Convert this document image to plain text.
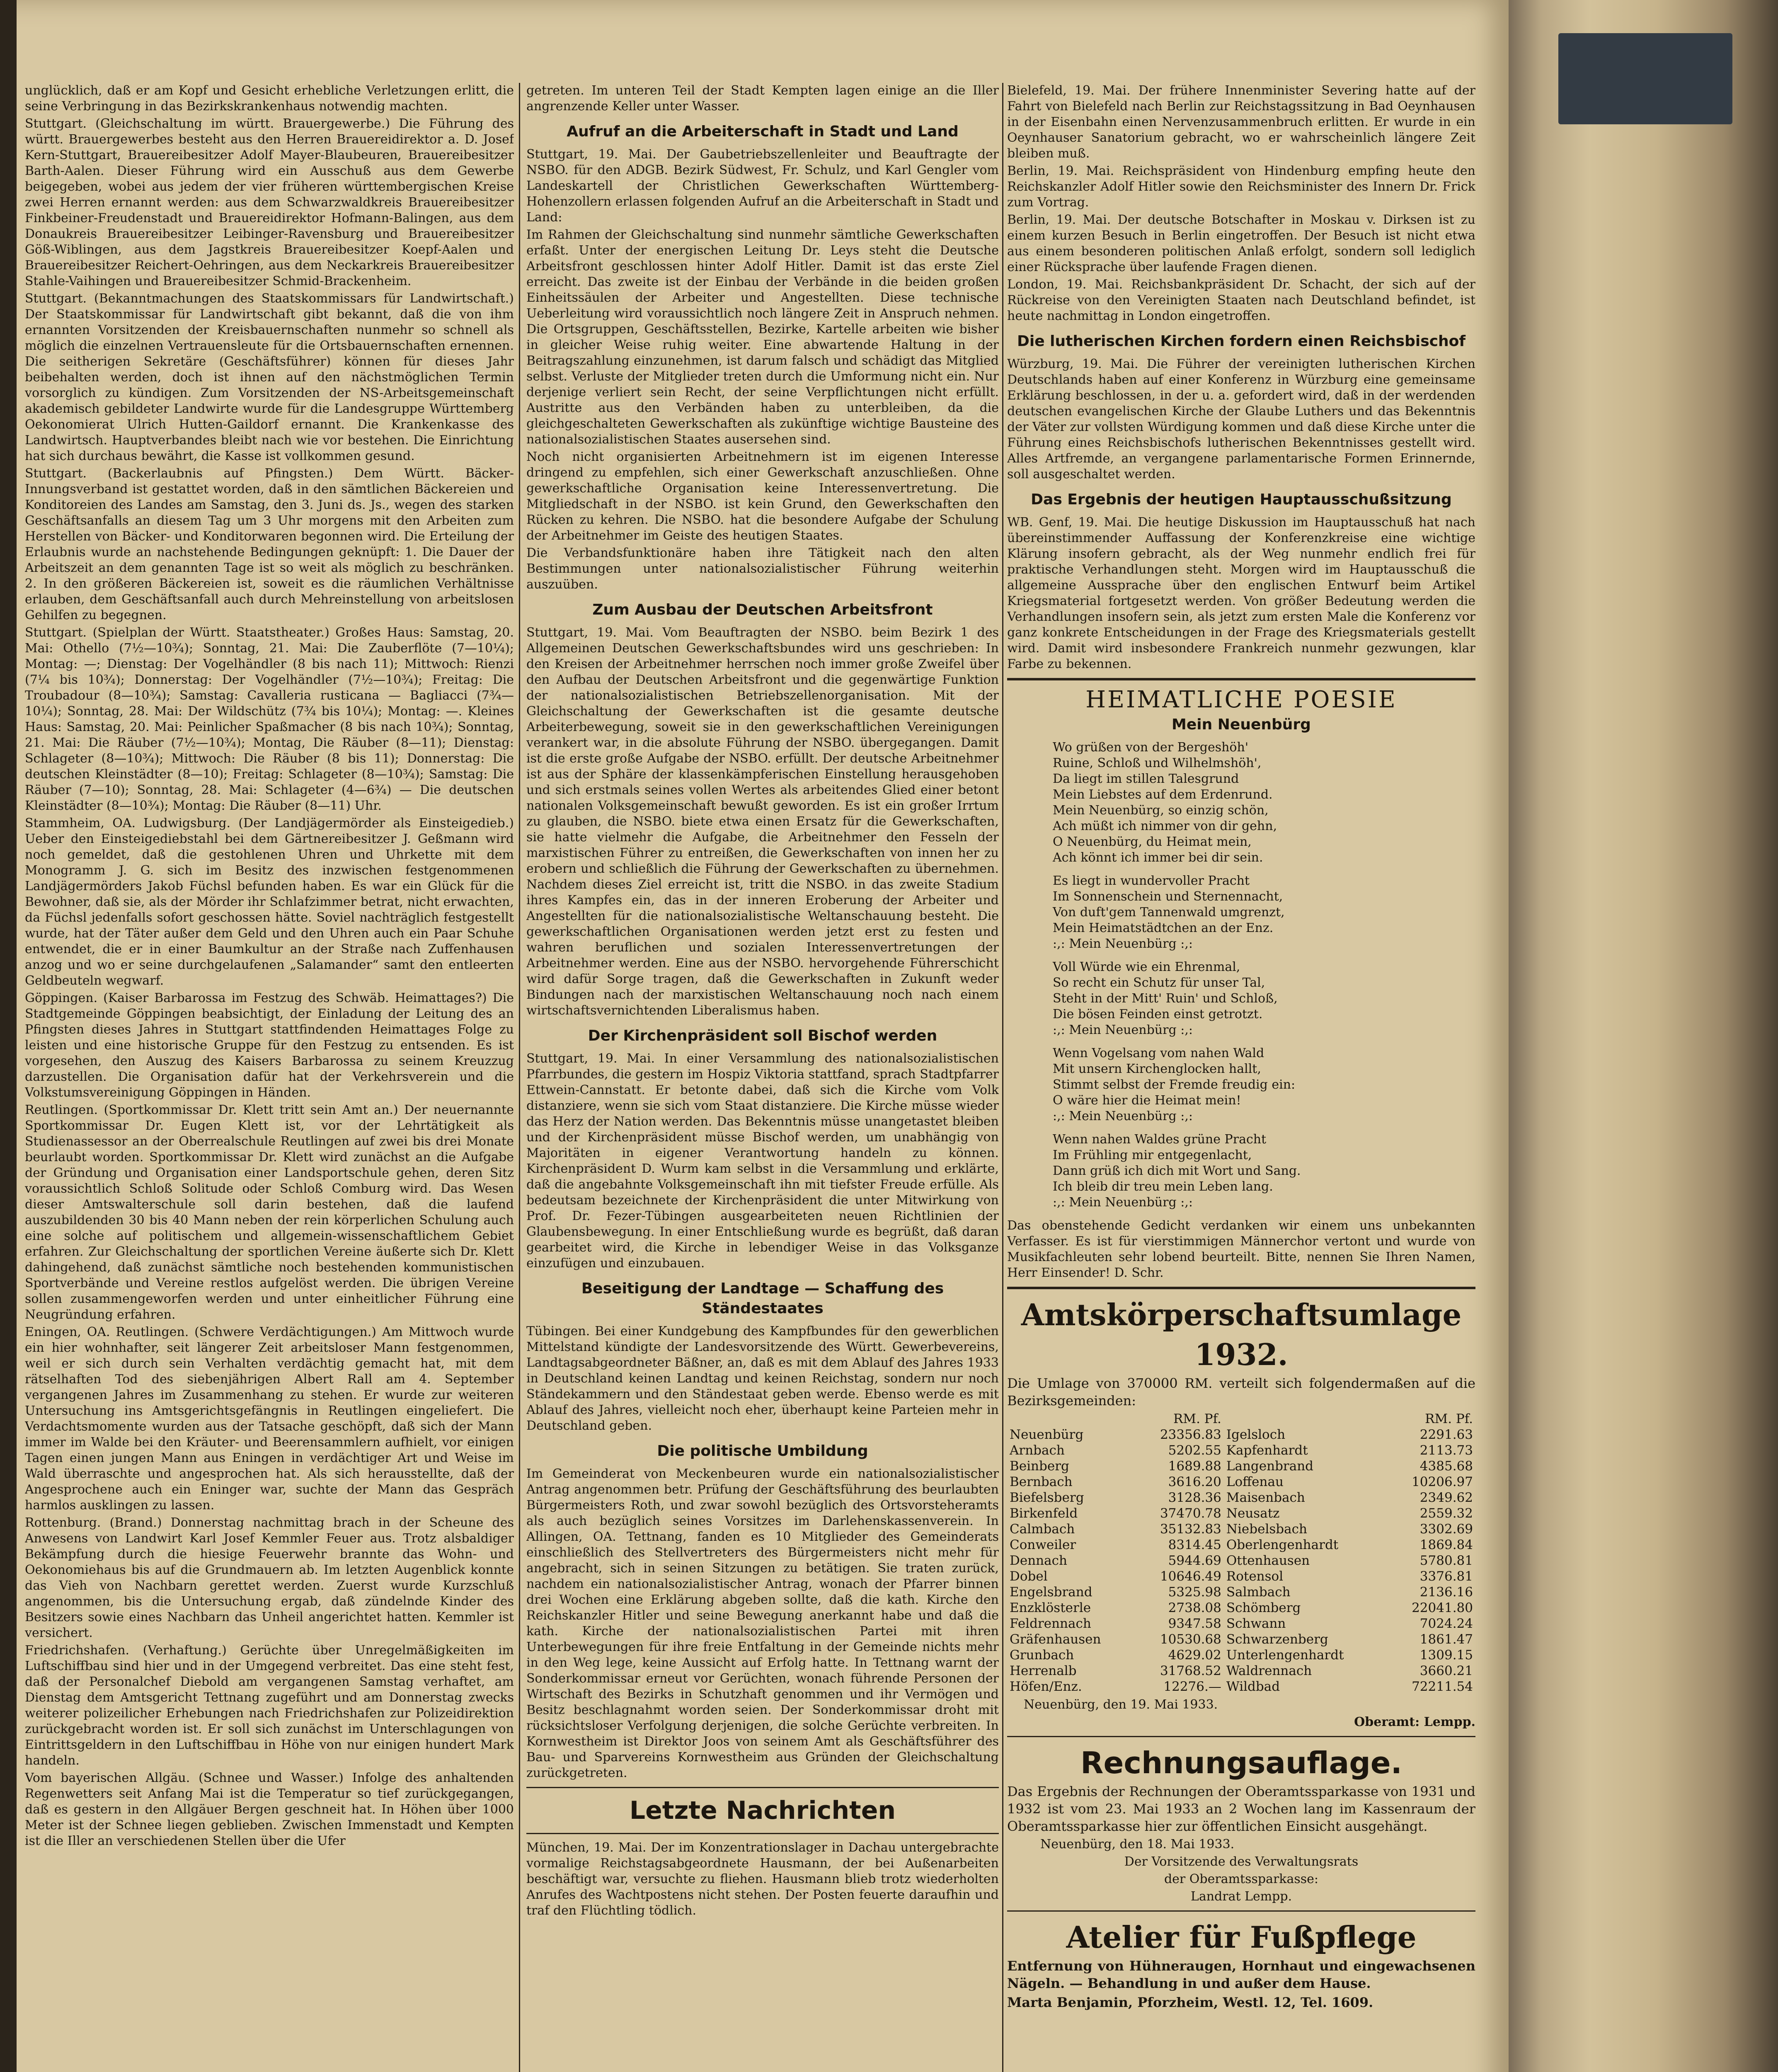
unglücklich, daß er am Kopf und Gesicht erhebliche Verletzungen erlitt, die seine Verbringung in das Bezirkskrankenhaus notwendig machten.

Stuttgart. (Gleichschaltung im württ. Brauergewerbe.) Die Führung des württ. Brauergewerbes besteht aus den Herren Brauereidirektor a. D. Josef Kern-Stuttgart, Brauereibesitzer Adolf Mayer-Blaubeuren, Brauereibesitzer Barth-Aalen. Dieser Führung wird ein Ausschuß aus dem Gewerbe beigegeben, wobei aus jedem der vier früheren württembergischen Kreise zwei Herren ernannt werden: aus dem Schwarzwaldkreis Brauereibesitzer Finkbeiner-Freudenstadt und Brauereidirektor Hofmann-Balingen, aus dem Donaukreis Brauereibesitzer Leibinger-Ravensburg und Brauereibesitzer Göß-Wiblingen, aus dem Jagstkreis Brauereibesitzer Koepf-Aalen und Brauereibesitzer Reichert-Oehringen, aus dem Neckarkreis Brauereibesitzer Stahle-Vaihingen und Brauereibesitzer Schmid-Brackenheim.

Stuttgart. (Bekanntmachungen des Staatskommissars für Landwirtschaft.) Der Staatskommissar für Landwirtschaft gibt bekannt, daß die von ihm ernannten Vorsitzenden der Kreisbauernschaften nunmehr so schnell als möglich die einzelnen Vertrauensleute für die Ortsbauernschaften ernennen. Die seitherigen Sekretäre (Geschäftsführer) können für dieses Jahr beibehalten werden, doch ist ihnen auf den nächstmöglichen Termin vorsorglich zu kündigen. Zum Vorsitzenden der NS-Arbeitsgemeinschaft akademisch gebildeter Landwirte wurde für die Landesgruppe Württemberg Oekonomierat Ulrich Hutten-Gaildorf ernannt. Die Krankenkasse des Landwirtsch. Hauptverbandes bleibt nach wie vor bestehen. Die Einrichtung hat sich durchaus bewährt, die Kasse ist vollkommen gesund.

Stuttgart. (Backerlaubnis auf Pfingsten.) Dem Württ. Bäcker-Innungsverband ist gestattet worden, daß in den sämtlichen Bäckereien und Konditoreien des Landes am Samstag, den 3. Juni ds. Js., wegen des starken Geschäftsanfalls an diesem Tag um 3 Uhr morgens mit den Arbeiten zum Herstellen von Bäcker- und Konditorwaren begonnen wird. Die Erteilung der Erlaubnis wurde an nachstehende Bedingungen geknüpft: 1. Die Dauer der Arbeitszeit an dem genannten Tage ist so weit als möglich zu beschränken. 2. In den größeren Bäckereien ist, soweit es die räumlichen Verhältnisse erlauben, dem Geschäftsanfall auch durch Mehreinstellung von arbeitslosen Gehilfen zu begegnen.

Stuttgart. (Spielplan der Württ. Staatstheater.) Großes Haus: Samstag, 20. Mai: Othello (7½—10¾); Sonntag, 21. Mai: Die Zauberflöte (7—10¼); Montag: —; Dienstag: Der Vogelhändler (8 bis nach 11); Mittwoch: Rienzi (7¼ bis 10¾); Donnerstag: Der Vogelhändler (7½—10¾); Freitag: Die Troubadour (8—10¾); Samstag: Cavalleria rusticana — Bagliacci (7¾—10¼); Sonntag, 28. Mai: Der Wildschütz (7¾ bis 10¼); Montag: —. Kleines Haus: Samstag, 20. Mai: Peinlicher Spaßmacher (8 bis nach 10¾); Sonntag, 21. Mai: Die Räuber (7½—10¾); Montag, Die Räuber (8—11); Dienstag: Schlageter (8—10¾); Mittwoch: Die Räuber (8 bis 11); Donnerstag: Die deutschen Kleinstädter (8—10); Freitag: Schlageter (8—10¾); Samstag: Die Räuber (7—10); Sonntag, 28. Mai: Schlageter (4—6¾) — Die deutschen Kleinstädter (8—10¾); Montag: Die Räuber (8—11) Uhr.

Stammheim, OA. Ludwigsburg. (Der Landjägermörder als Einsteigedieb.) Ueber den Einsteigediebstahl bei dem Gärtnereibesitzer J. Geßmann wird noch gemeldet, daß die gestohlenen Uhren und Uhrkette mit dem Monogramm J. G. sich im Besitz des inzwischen festgenommenen Landjägermörders Jakob Füchsl befunden haben. Es war ein Glück für die Bewohner, daß sie, als der Mörder ihr Schlafzimmer betrat, nicht erwachten, da Füchsl jedenfalls sofort geschossen hätte. Soviel nachträglich festgestellt wurde, hat der Täter außer dem Geld und den Uhren auch ein Paar Schuhe entwendet, die er in einer Baumkultur an der Straße nach Zuffenhausen anzog und wo er seine durchgelaufenen „Salamander“ samt den entleerten Geldbeuteln wegwarf.

Göppingen. (Kaiser Barbarossa im Festzug des Schwäb. Heimattages?) Die Stadtgemeinde Göppingen beabsichtigt, der Einladung der Leitung des an Pfingsten dieses Jahres in Stuttgart stattfindenden Heimattages Folge zu leisten und eine historische Gruppe für den Festzug zu entsenden. Es ist vorgesehen, den Auszug des Kaisers Barbarossa zu seinem Kreuzzug darzustellen. Die Organisation dafür hat der Verkehrsverein und die Volkstumsvereinigung Göppingen in Händen.

Reutlingen. (Sportkommissar Dr. Klett tritt sein Amt an.) Der neuernannte Sportkommissar Dr. Eugen Klett ist, vor der Lehrtätigkeit als Studienassessor an der Oberrealschule Reutlingen auf zwei bis drei Monate beurlaubt worden. Sportkommissar Dr. Klett wird zunächst an die Aufgabe der Gründung und Organisation einer Landsportschule gehen, deren Sitz voraussichtlich Schloß Solitude oder Schloß Comburg wird. Das Wesen dieser Amtswalterschule soll darin bestehen, daß die laufend auszubildenden 30 bis 40 Mann neben der rein körperlichen Schulung auch eine solche auf politischem und allgemein-wissenschaftlichem Gebiet erfahren. Zur Gleichschaltung der sportlichen Vereine äußerte sich Dr. Klett dahingehend, daß zunächst sämtliche noch bestehenden kommunistischen Sportverbände und Vereine restlos aufgelöst werden. Die übrigen Vereine sollen zusammengeworfen werden und unter einheitlicher Führung eine Neugründung erfahren.

Eningen, OA. Reutlingen. (Schwere Verdächtigungen.) Am Mittwoch wurde ein hier wohnhafter, seit längerer Zeit arbeitsloser Mann festgenommen, weil er sich durch sein Verhalten verdächtig gemacht hat, mit dem rätselhaften Tod des siebenjährigen Albert Rall am 4. September vergangenen Jahres im Zusammenhang zu stehen. Er wurde zur weiteren Untersuchung ins Amtsgerichtsgefängnis in Reutlingen eingeliefert. Die Verdachtsmomente wurden aus der Tatsache geschöpft, daß sich der Mann immer im Walde bei den Kräuter- und Beerensammlern aufhielt, vor einigen Tagen einen jungen Mann aus Eningen in verdächtiger Art und Weise im Wald überraschte und angesprochen hat. Als sich herausstellte, daß der Angesprochene auch ein Eninger war, suchte der Mann das Gespräch harmlos ausklingen zu lassen.

Rottenburg. (Brand.) Donnerstag nachmittag brach in der Scheune des Anwesens von Landwirt Karl Josef Kemmler Feuer aus. Trotz alsbaldiger Bekämpfung durch die hiesige Feuerwehr brannte das Wohn- und Oekonomiehaus bis auf die Grundmauern ab. Im letzten Augenblick konnte das Vieh von Nachbarn gerettet werden. Zuerst wurde Kurzschluß angenommen, bis die Untersuchung ergab, daß zündelnde Kinder des Besitzers sowie eines Nachbarn das Unheil angerichtet hatten. Kemmler ist versichert.

Friedrichshafen. (Verhaftung.) Gerüchte über Unregelmäßigkeiten im Luftschiffbau sind hier und in der Umgegend verbreitet. Das eine steht fest, daß der Personalchef Diebold am vergangenen Samstag verhaftet, am Dienstag dem Amtsgericht Tettnang zugeführt und am Donnerstag zwecks weiterer polizeilicher Erhebungen nach Friedrichshafen zur Polizeidirektion zurückgebracht worden ist. Er soll sich zunächst im Unterschlagungen von Eintrittsgeldern in den Luftschiffbau in Höhe von nur einigen hundert Mark handeln.

Vom bayerischen Allgäu. (Schnee und Wasser.) Infolge des anhaltenden Regenwetters seit Anfang Mai ist die Temperatur so tief zurückgegangen, daß es gestern in den Allgäuer Bergen geschneit hat. In Höhen über 1000 Meter ist der Schnee liegen geblieben. Zwischen Immenstadt und Kempten ist die Iller an verschiedenen Stellen über die Ufer

getreten. Im unteren Teil der Stadt Kempten lagen einige an die Iller angrenzende Keller unter Wasser.

Aufruf an die Arbeiterschaft in Stadt und Land

Stuttgart, 19. Mai. Der Gaubetriebszellenleiter und Beauftragte der NSBO. für den ADGB. Bezirk Südwest, Fr. Schulz, und Karl Gengler vom Landeskartell der Christlichen Gewerkschaften Württemberg-Hohenzollern erlassen folgenden Aufruf an die Arbeiterschaft in Stadt und Land:

Im Rahmen der Gleichschaltung sind nunmehr sämtliche Gewerkschaften erfaßt. Unter der energischen Leitung Dr. Leys steht die Deutsche Arbeitsfront geschlossen hinter Adolf Hitler. Damit ist das erste Ziel erreicht. Das zweite ist der Einbau der Verbände in die beiden großen Einheitssäulen der Arbeiter und Angestellten. Diese technische Ueberleitung wird voraussichtlich noch längere Zeit in Anspruch nehmen. Die Ortsgruppen, Geschäftsstellen, Bezirke, Kartelle arbeiten wie bisher in gleicher Weise ruhig weiter. Eine abwartende Haltung in der Beitragszahlung einzunehmen, ist darum falsch und schädigt das Mitglied selbst. Verluste der Mitglieder treten durch die Umformung nicht ein. Nur derjenige verliert sein Recht, der seine Verpflichtungen nicht erfüllt. Austritte aus den Verbänden haben zu unterbleiben, da die gleichgeschalteten Gewerkschaften als zukünftige wichtige Bausteine des nationalsozialistischen Staates ausersehen sind.

Noch nicht organisierten Arbeitnehmern ist im eigenen Interesse dringend zu empfehlen, sich einer Gewerkschaft anzuschließen. Ohne gewerkschaftliche Organisation keine Interessenvertretung. Die Mitgliedschaft in der NSBO. ist kein Grund, den Gewerkschaften den Rücken zu kehren. Die NSBO. hat die besondere Aufgabe der Schulung der Arbeitnehmer im Geiste des heutigen Staates.

Die Verbandsfunktionäre haben ihre Tätigkeit nach den alten Bestimmungen unter nationalsozialistischer Führung weiterhin auszuüben.

Zum Ausbau der Deutschen Arbeitsfront

Stuttgart, 19. Mai. Vom Beauftragten der NSBO. beim Bezirk 1 des Allgemeinen Deutschen Gewerkschaftsbundes wird uns geschrieben: In den Kreisen der Arbeitnehmer herrschen noch immer große Zweifel über den Aufbau der Deutschen Arbeitsfront und die gegenwärtige Funktion der nationalsozialistischen Betriebszellenorganisation. Mit der Gleichschaltung der Gewerkschaften ist die gesamte deutsche Arbeiterbewegung, soweit sie in den gewerkschaftlichen Vereinigungen verankert war, in die absolute Führung der NSBO. übergegangen. Damit ist die erste große Aufgabe der NSBO. erfüllt. Der deutsche Arbeitnehmer ist aus der Sphäre der klassenkämpferischen Einstellung herausgehoben und sich erstmals seines vollen Wertes als arbeitendes Glied einer betont nationalen Volksgemeinschaft bewußt geworden. Es ist ein großer Irrtum zu glauben, die NSBO. biete etwa einen Ersatz für die Gewerkschaften, sie hatte vielmehr die Aufgabe, die Arbeitnehmer den Fesseln der marxistischen Führer zu entreißen, die Gewerkschaften von innen her zu erobern und schließlich die Führung der Gewerkschaften zu übernehmen. Nachdem dieses Ziel erreicht ist, tritt die NSBO. in das zweite Stadium ihres Kampfes ein, das in der inneren Eroberung der Arbeiter und Angestellten für die nationalsozialistische Weltanschauung besteht. Die gewerkschaftlichen Organisationen werden jetzt erst zu festen und wahren beruflichen und sozialen Interessenvertretungen der Arbeitnehmer werden. Eine aus der NSBO. hervorgehende Führerschicht wird dafür Sorge tragen, daß die Gewerkschaften in Zukunft weder Bindungen nach der marxistischen Weltanschauung noch nach einem wirtschaftsvernichtenden Liberalismus haben.

Der Kirchenpräsident soll Bischof werden

Stuttgart, 19. Mai. In einer Versammlung des nationalsozialistischen Pfarrbundes, die gestern im Hospiz Viktoria stattfand, sprach Stadtpfarrer Ettwein-Cannstatt. Er betonte dabei, daß sich die Kirche vom Volk distanziere, wenn sie sich vom Staat distanziere. Die Kirche müsse wieder das Herz der Nation werden. Das Bekenntnis müsse unangetastet bleiben und der Kirchenpräsident müsse Bischof werden, um unabhängig von Majoritäten in eigener Verantwortung handeln zu können. Kirchenpräsident D. Wurm kam selbst in die Versammlung und erklärte, daß die angebahnte Volksgemeinschaft ihn mit tiefster Freude erfülle. Als bedeutsam bezeichnete der Kirchenpräsident die unter Mitwirkung von Prof. Dr. Fezer-Tübingen ausgearbeiteten neuen Richtlinien der Glaubensbewegung. In einer Entschließung wurde es begrüßt, daß daran gearbeitet wird, die Kirche in lebendiger Weise in das Volksganze einzufügen und einzubauen.

Beseitigung der Landtage — Schaffung des Ständestaates

Tübingen. Bei einer Kundgebung des Kampfbundes für den gewerblichen Mittelstand kündigte der Landesvorsitzende des Württ. Gewerbevereins, Landtagsabgeordneter Bäßner, an, daß es mit dem Ablauf des Jahres 1933 in Deutschland keinen Landtag und keinen Reichstag, sondern nur noch Ständekammern und den Ständestaat geben werde. Ebenso werde es mit Ablauf des Jahres, vielleicht noch eher, überhaupt keine Parteien mehr in Deutschland geben.

Die politische Umbildung

Im Gemeinderat von Meckenbeuren wurde ein nationalsozialistischer Antrag angenommen betr. Prüfung der Geschäftsführung des beurlaubten Bürgermeisters Roth, und zwar sowohl bezüglich des Ortsvorsteheramts als auch bezüglich seines Vorsitzes im Darlehenskassenverein. In Allingen, OA. Tettnang, fanden es 10 Mitglieder des Gemeinderats einschließlich des Stellvertreters des Bürgermeisters nicht mehr für angebracht, sich in seinen Sitzungen zu betätigen. Sie traten zurück, nachdem ein nationalsozialistischer Antrag, wonach der Pfarrer binnen drei Wochen eine Erklärung abgeben sollte, daß die kath. Kirche den Reichskanzler Hitler und seine Bewegung anerkannt habe und daß die kath. Kirche der nationalsozialistischen Partei mit ihren Unterbewegungen für ihre freie Entfaltung in der Gemeinde nichts mehr in den Weg lege, keine Aussicht auf Erfolg hatte. In Tettnang warnt der Sonderkommissar erneut vor Gerüchten, wonach führende Personen der Wirtschaft des Bezirks in Schutzhaft genommen und ihr Vermögen und Besitz beschlagnahmt worden seien. Der Sonderkommissar droht mit rücksichtsloser Verfolgung derjenigen, die solche Gerüchte verbreiten. In Kornwestheim ist Direktor Joos von seinem Amt als Geschäftsführer des Bau- und Sparvereins Kornwestheim aus Gründen der Gleichschaltung zurückgetreten.

Letzte Nachrichten

München, 19. Mai. Der im Konzentrationslager in Dachau untergebrachte vormalige Reichstagsabgeordnete Hausmann, der bei Außenarbeiten beschäftigt war, versuchte zu fliehen. Hausmann blieb trotz wiederholten Anrufes des Wachtpostens nicht stehen. Der Posten feuerte daraufhin und traf den Flüchtling tödlich.

Bielefeld, 19. Mai. Der frühere Innenminister Severing hatte auf der Fahrt von Bielefeld nach Berlin zur Reichstagssitzung in Bad Oeynhausen in der Eisenbahn einen Nervenzusammenbruch erlitten. Er wurde in ein Oeynhauser Sanatorium gebracht, wo er wahrscheinlich längere Zeit bleiben muß.

Berlin, 19. Mai. Reichspräsident von Hindenburg empfing heute den Reichskanzler Adolf Hitler sowie den Reichsminister des Innern Dr. Frick zum Vortrag.

Berlin, 19. Mai. Der deutsche Botschafter in Moskau v. Dirksen ist zu einem kurzen Besuch in Berlin eingetroffen. Der Besuch ist nicht etwa aus einem besonderen politischen Anlaß erfolgt, sondern soll lediglich einer Rücksprache über laufende Fragen dienen.

London, 19. Mai. Reichsbankpräsident Dr. Schacht, der sich auf der Rückreise von den Vereinigten Staaten nach Deutschland befindet, ist heute nachmittag in London eingetroffen.

Die lutherischen Kirchen fordern einen Reichsbischof

Würzburg, 19. Mai. Die Führer der vereinigten lutherischen Kirchen Deutschlands haben auf einer Konferenz in Würzburg eine gemeinsame Erklärung beschlossen, in der u. a. gefordert wird, daß in der werdenden deutschen evangelischen Kirche der Glaube Luthers und das Bekenntnis der Väter zur vollsten Würdigung kommen und daß diese Kirche unter die Führung eines Reichsbischofs lutherischen Bekenntnisses gestellt wird. Alles Artfremde, an vergangene parlamentarische Formen Erinnernde, soll ausgeschaltet werden.

Das Ergebnis der heutigen Hauptausschußsitzung

WB. Genf, 19. Mai. Die heutige Diskussion im Hauptausschuß hat nach übereinstimmender Auffassung der Konferenzkreise eine wichtige Klärung insofern gebracht, als der Weg nunmehr endlich frei für praktische Verhandlungen steht. Morgen wird im Hauptausschuß die allgemeine Aussprache über den englischen Entwurf beim Artikel Kriegsmaterial fortgesetzt werden. Von größer Bedeutung werden die Verhandlungen insofern sein, als jetzt zum ersten Male die Konferenz vor ganz konkrete Entscheidungen in der Frage des Kriegsmaterials gestellt wird. Damit wird insbesondere Frankreich nunmehr gezwungen, klar Farbe zu bekennen.

HEIMATLICHE POESIE
Mein Neuenbürg
Wo grüßen von der Bergeshöh'
Ruine, Schloß und Wilhelmshöh',
Da liegt im stillen Talesgrund
Mein Liebstes auf dem Erdenrund.
Mein Neuenbürg, so einzig schön,
Ach müßt ich nimmer von dir gehn,
O Neuenbürg, du Heimat mein,
Ach könnt ich immer bei dir sein.
Es liegt in wundervoller Pracht
Im Sonnenschein und Sternennacht,
Von duft'gem Tannenwald umgrenzt,
Mein Heimatstädtchen an der Enz.
:,: Mein Neuenbürg :,:
Voll Würde wie ein Ehrenmal,
So recht ein Schutz für unser Tal,
Steht in der Mitt' Ruin' und Schloß,
Die bösen Feinden einst getrotzt.
:,: Mein Neuenbürg :,:
Wenn Vogelsang vom nahen Wald
Mit unsern Kirchenglocken hallt,
Stimmt selbst der Fremde freudig ein:
O wäre hier die Heimat mein!
:,: Mein Neuenbürg :,:
Wenn nahen Waldes grüne Pracht
Im Frühling mir entgegenlacht,
Dann grüß ich dich mit Wort und Sang.
Ich bleib dir treu mein Leben lang.
:,: Mein Neuenbürg :,:

Das obenstehende Gedicht verdanken wir einem uns unbekannten Verfasser. Es ist für vierstimmigen Männerchor vertont und wurde von Musikfachleuten sehr lobend beurteilt. Bitte, nennen Sie Ihren Namen, Herr Einsender! D. Schr.

Amtskörperschaftsumlage 1932.

Die Umlage von 370000 RM. verteilt sich folgendermaßen auf die Bezirksgemeinden:

	RM. Pf.		RM. Pf.
Neuenbürg	23356.83	Igelsloch	2291.63
Arnbach	5202.55	Kapfenhardt	2113.73
Beinberg	1689.88	Langenbrand	4385.68
Bernbach	3616.20	Loffenau	10206.97
Biefelsberg	3128.36	Maisenbach	2349.62
Birkenfeld	37470.78	Neusatz	2559.32
Calmbach	35132.83	Niebelsbach	3302.69
Conweiler	8314.45	Oberlengenhardt	1869.84
Dennach	5944.69	Ottenhausen	5780.81
Dobel	10646.49	Rotensol	3376.81
Engelsbrand	5325.98	Salmbach	2136.16
Enzklösterle	2738.08	Schömberg	22041.80
Feldrennach	9347.58	Schwann	7024.24
Gräfenhausen	10530.68	Schwarzenberg	1861.47
Grunbach	4629.02	Unterlengenhardt	1309.15
Herrenalb	31768.52	Waldrennach	3660.21
Höfen/Enz.	12276.—	Wildbad	72211.54

Neuenbürg, den 19. Mai 1933.

Oberamt: Lempp.

Rechnungsauflage.

Das Ergebnis der Rechnungen der Oberamtssparkasse von 1931 und 1932 ist vom 23. Mai 1933 an 2 Wochen lang im Kassenraum der Oberamtssparkasse hier zur öffentlichen Einsicht ausgehängt.

Neuenbürg, den 18. Mai 1933.

Der Vorsitzende des Verwaltungsrats

der Oberamtssparkasse:

Landrat Lempp.

Atelier für Fußpflege

Entfernung von Hühneraugen, Hornhaut und eingewachsenen Nägeln. — Behandlung in und außer dem Hause.

Marta Benjamin, Pforzheim, Westl. 12, Tel. 1609.
